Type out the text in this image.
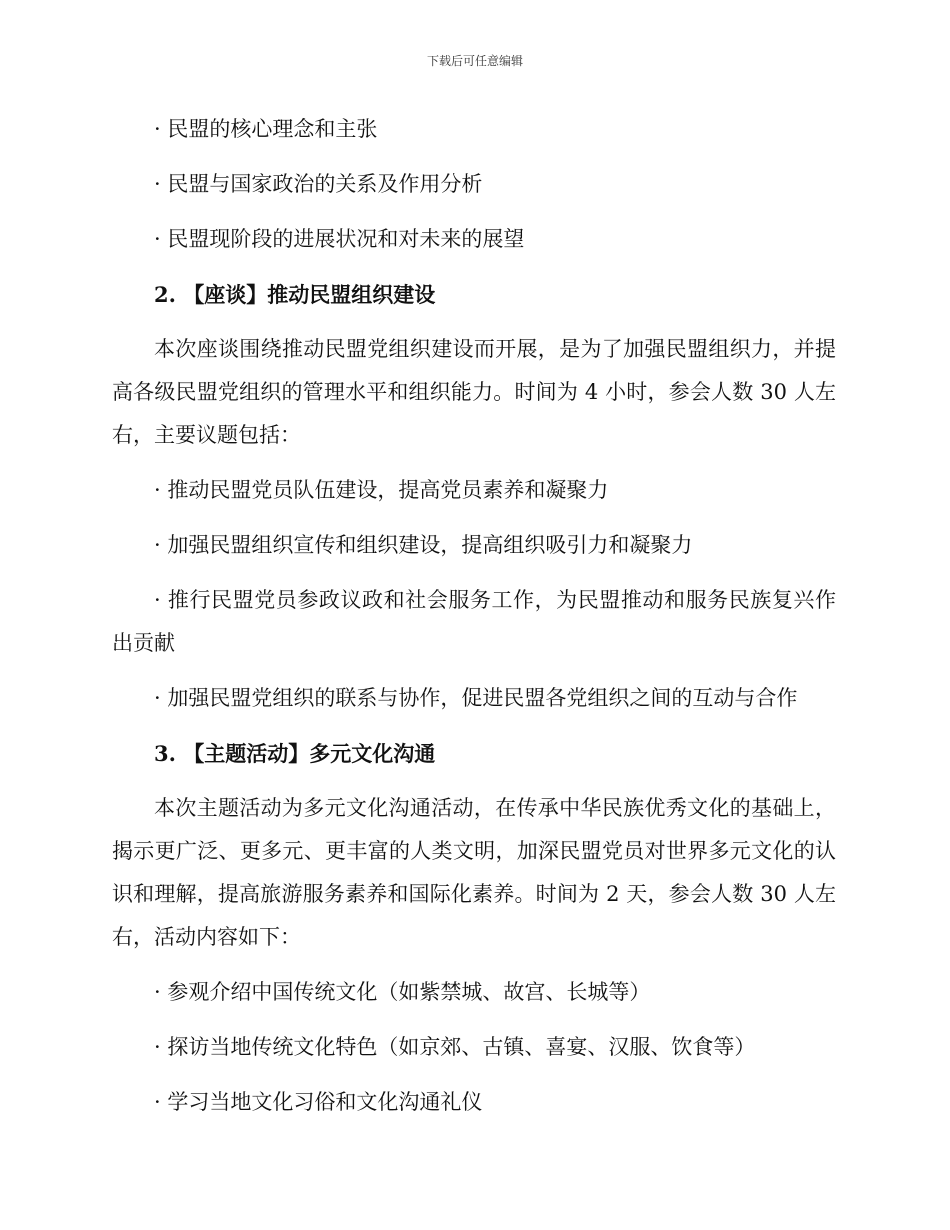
下载后可任意编辑
· 民盟的核心理念和主张
· 民盟与国家政治的关系及作用分析
· 民盟现阶段的进展状况和对未来的展望
2. 【座谈】推动民盟组织建设
本次座谈围绕推动民盟党组织建设而开展，是为了加强民盟组织力，并提高各级民盟党组织的管理水平和组织能力。时间为 4 小时，参会人数 30 人左右，主要议题包括：
· 推动民盟党员队伍建设，提高党员素养和凝聚力
· 加强民盟组织宣传和组织建设，提高组织吸引力和凝聚力
· 推行民盟党员参政议政和社会服务工作，为民盟推动和服务民族复兴作出贡献
· 加强民盟党组织的联系与协作，促进民盟各党组织之间的互动与合作
3. 【主题活动】多元文化沟通
本次主题活动为多元文化沟通活动，在传承中华民族优秀文化的基础上，揭示更广泛、更多元、更丰富的人类文明，加深民盟党员对世界多元文化的认识和理解，提高旅游服务素养和国际化素养。时间为 2 天，参会人数 30 人左右，活动内容如下：
· 参观介绍中国传统文化（如紫禁城、故宫、长城等）
· 探访当地传统文化特色（如京郊、古镇、喜宴、汉服、饮食等）
· 学习当地文化习俗和文化沟通礼仪
